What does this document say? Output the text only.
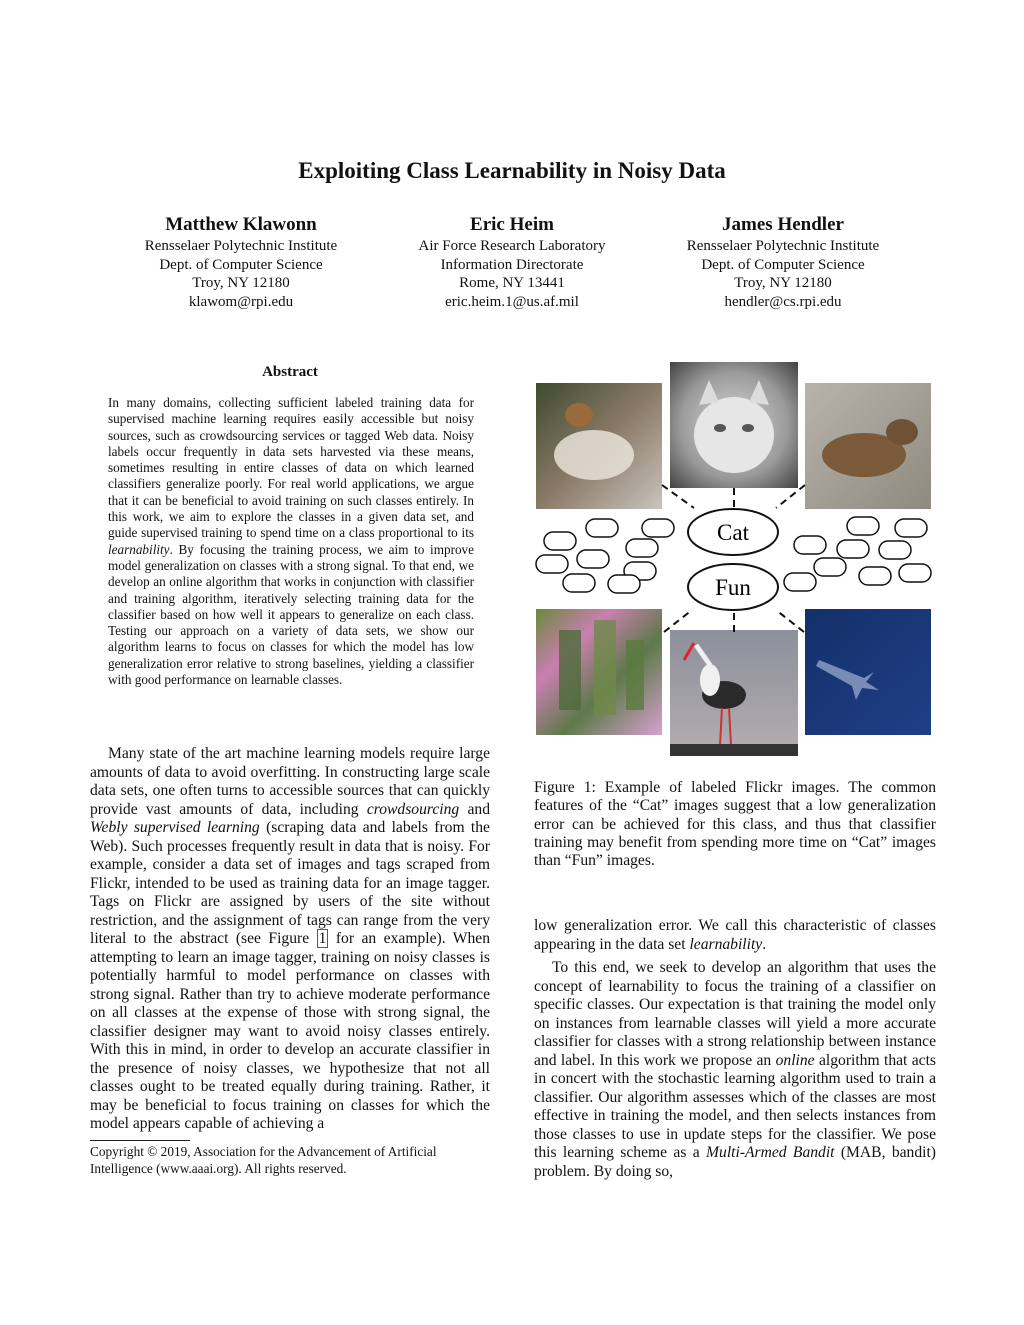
Exploiting Class Learnability in Noisy Data
Matthew Klawonn
Rensselaer Polytechnic Institute
Dept. of Computer Science
Troy, NY 12180
klawom@rpi.edu
Eric Heim
Air Force Research Laboratory
Information Directorate
Rome, NY 13441
eric.heim.1@us.af.mil
James Hendler
Rensselaer Polytechnic Institute
Dept. of Computer Science
Troy, NY 12180
hendler@cs.rpi.edu
Abstract
In many domains, collecting sufficient labeled training data for supervised machine learning requires easily accessible but noisy sources, such as crowdsourcing services or tagged Web data. Noisy labels occur frequently in data sets harvested via these means, sometimes resulting in entire classes of data on which learned classifiers generalize poorly. For real world applications, we argue that it can be beneficial to avoid training on such classes entirely. In this work, we aim to explore the classes in a given data set, and guide supervised training to spend time on a class proportional to its learnability. By focusing the training process, we aim to improve model generalization on classes with a strong signal. To that end, we develop an online algorithm that works in conjunction with classifier and training algorithm, iteratively selecting training data for the classifier based on how well it appears to generalize on each class. Testing our approach on a variety of data sets, we show our algorithm learns to focus on classes for which the model has low generalization error relative to strong baselines, yielding a classifier with good performance on learnable classes.
Many state of the art machine learning models require large amounts of data to avoid overfitting. In constructing large scale data sets, one often turns to accessible sources that can quickly provide vast amounts of data, including crowdsourcing and Webly supervised learning (scraping data and labels from the Web). Such processes frequently result in data that is noisy. For example, consider a data set of images and tags scraped from Flickr, intended to be used as training data for an image tagger. Tags on Flickr are assigned by users of the site without restriction, and the assignment of tags can range from the very literal to the abstract (see Figure 1 for an example). When attempting to learn an image tagger, training on noisy classes is potentially harmful to model performance on classes with strong signal. Rather than try to achieve moderate performance on all classes at the expense of those with strong signal, the classifier designer may want to avoid noisy classes entirely. With this in mind, in order to develop an accurate classifier in the presence of noisy classes, we hypothesize that not all classes ought to be treated equally during training. Rather, it may be beneficial to focus training on classes for which the model appears capable of achieving a
Copyright © 2019, Association for the Advancement of Artificial Intelligence (www.aaai.org). All rights reserved.
Cat
Fun
Figure 1: Example of labeled Flickr images. The common features of the “Cat” images suggest that a low generalization error can be achieved for this class, and thus that classifier training may benefit from spending more time on “Cat” images than “Fun” images.
low generalization error. We call this characteristic of classes appearing in the data set learnability.
To this end, we seek to develop an algorithm that uses the concept of learnability to focus the training of a classifier on specific classes. Our expectation is that training the model only on instances from learnable classes will yield a more accurate classifier for classes with a strong relationship between instance and label. In this work we propose an online algorithm that acts in concert with the stochastic learning algorithm used to train a classifier. Our algorithm assesses which of the classes are most effective in training the model, and then selects instances from those classes to use in update steps for the classifier. We pose this learning scheme as a Multi-Armed Bandit (MAB, bandit) problem. By doing so,
